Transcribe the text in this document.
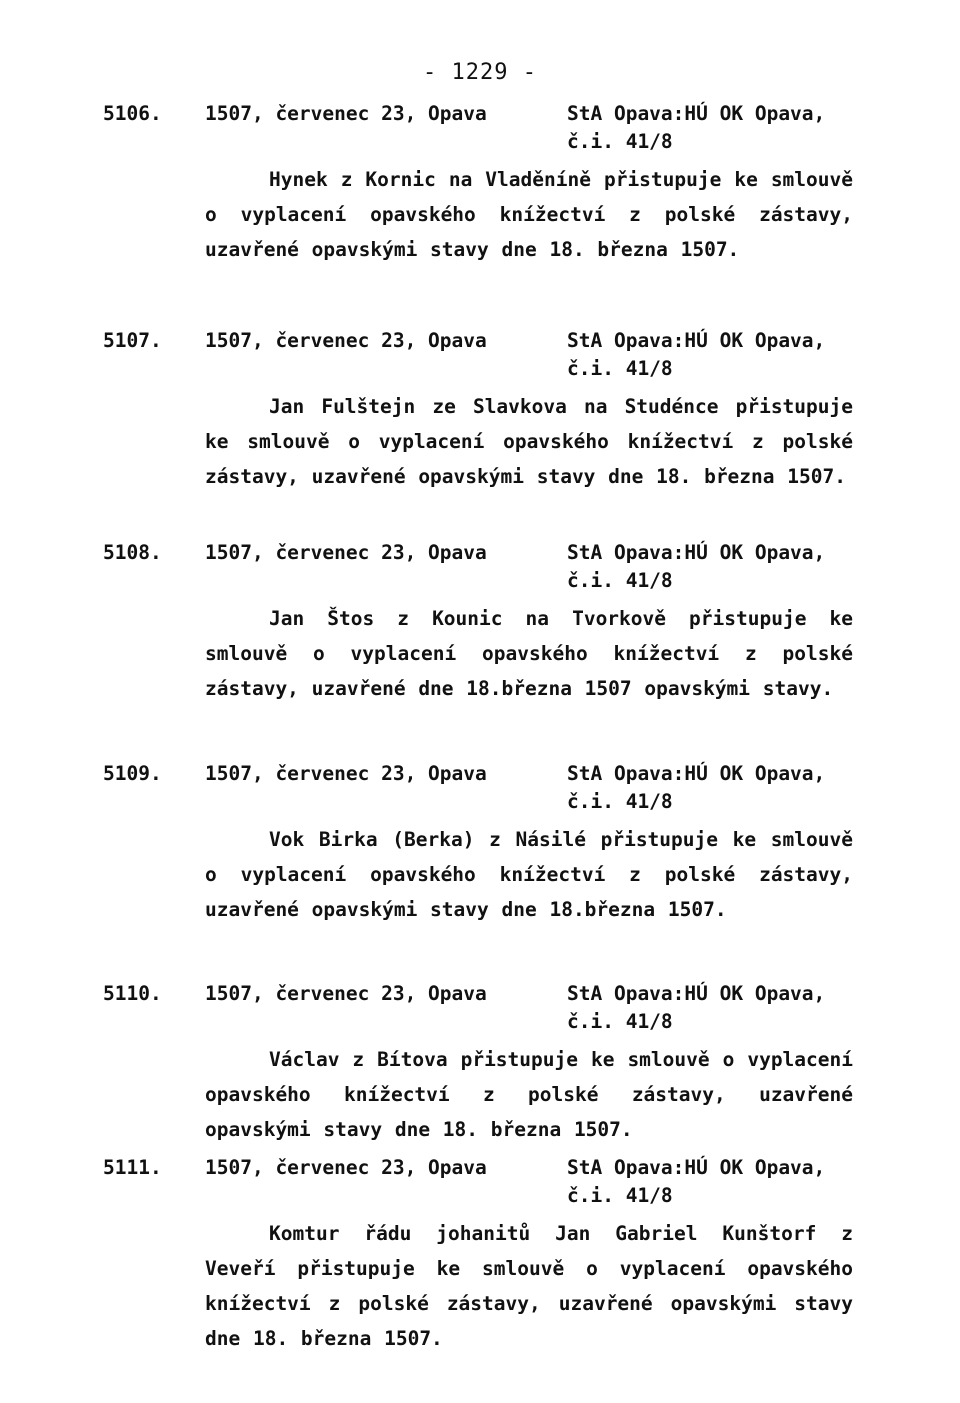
- 1229 -
5106. 1507, červenec 23, Opava	StA Opava:HÚ OK Opava,
č.i. 41/8
Hynek z Kornic na Vladěníně přistupuje ke smlouvě o vyplacení opavského knížectví z polské zástavy, uzavřené opavskými stavy dne 18. března 1507.
5107. 1507, červenec 23, Opava	StA Opava:HÚ OK Opava,
č.i. 41/8
Jan Fulštejn ze Slavkova na Studénce přistupuje ke smlouvě o vyplacení opavského knížectví z polské zástavy, uzavřené opavskými stavy dne 18. března 1507.
5108. 1507, červenec 23, Opava	StA Opava:HÚ OK Opava,
č.i. 41/8
Jan Štos z Kounic na Tvorkově přistupuje ke smlouvě o vyplacení opavského knížectví z polské zástavy, uzavřené dne 18.března 1507 opavskými stavy.
5109. 1507, červenec 23, Opava	StA Opava:HÚ OK Opava,
č.i. 41/8
Vok Birka (Berka) z Násilé přistupuje ke smlouvě o vyplacení opavského knížectví z polské zástavy, uzavřené opavskými stavy dne 18.března 1507.
5110. 1507, červenec 23, Opava	StA Opava:HÚ OK Opava,
č.i. 41/8
Václav z Bítova přistupuje ke smlouvě o vyplacení opavského knížectví z polské zástavy, uzavřené opavskými stavy dne 18. března 1507.
5111. 1507, červenec 23, Opava	StA Opava:HÚ OK Opava,
č.i. 41/8
Komtur řádu johanitů Jan Gabriel Kunštorf z Veveří přistupuje ke smlouvě o vyplacení opavského knížectví z polské zástavy, uzavřené opavskými stavy dne 18. března 1507.
